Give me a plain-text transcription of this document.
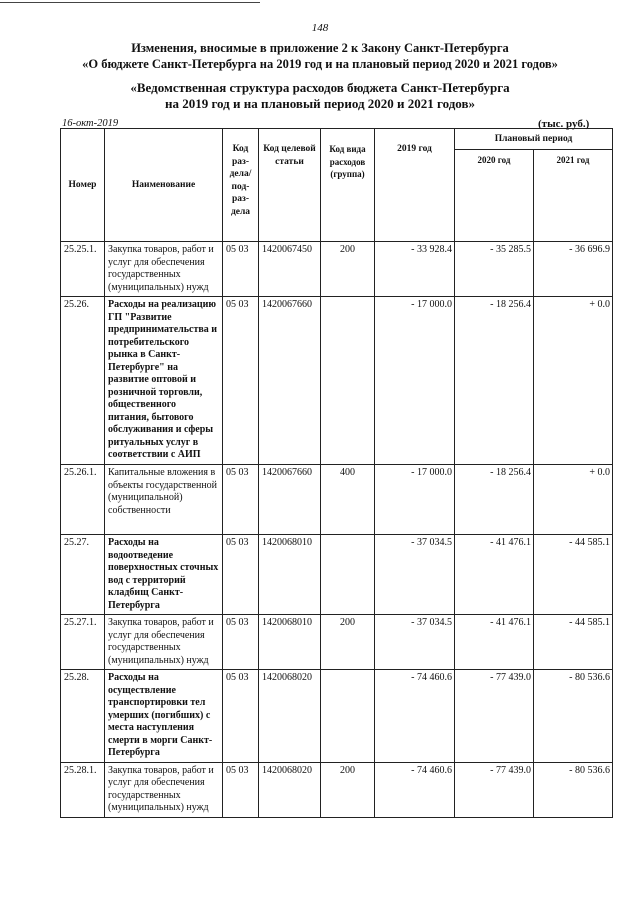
148
Изменения, вносимые в приложение 2 к Закону Санкт-Петербурга
«О бюджете Санкт-Петербурга на 2019 год и на плановый период 2020 и 2021 годов»
«Ведомственная структура расходов бюджета Санкт-Петербурга
на 2019 год и на плановый период 2020 и 2021 годов»
16-окт-2019	(тыс. руб.)
Номер	Наименование	Код раз-дела/ под-раз-дела	Код целевой статьи	Код вида расходов (группа)	2019 год	Плановый период	
						2020 год	2021 год
25.25.1.	Закупка товаров, работ и услуг для обеспечения государственных (муниципальных) нужд	05 03	1420067450	200	- 33 928.4	- 35 285.5	- 36 696.9
25.26.	Расходы на реализацию ГП "Развитие предпринимательства и потребительского рынка в Санкт-Петербурге" на развитие оптовой и розничной торговли, общественного питания, бытового обслуживания и сферы ритуальных услуг в соответствии с АИП	05 03	1420067660		- 17 000.0	- 18 256.4	+ 0.0
25.26.1.	Капитальные вложения в объекты государственной (муниципальной) собственности	05 03	1420067660	400	- 17 000.0	- 18 256.4	+ 0.0
25.27.	Расходы на водоотведение поверхностных сточных вод с территорий кладбищ Санкт-Петербурга	05 03	1420068010		- 37 034.5	- 41 476.1	- 44 585.1
25.27.1.	Закупка товаров, работ и услуг для обеспечения государственных (муниципальных) нужд	05 03	1420068010	200	- 37 034.5	- 41 476.1	- 44 585.1
25.28.	Расходы на осуществление транспортировки тел умерших (погибших) с места наступления смерти в морги Санкт-Петербурга	05 03	1420068020		- 74 460.6	- 77 439.0	- 80 536.6
25.28.1.	Закупка товаров, работ и услуг для обеспечения государственных (муниципальных) нужд	05 03	1420068020	200	- 74 460.6	- 77 439.0	- 80 536.6
